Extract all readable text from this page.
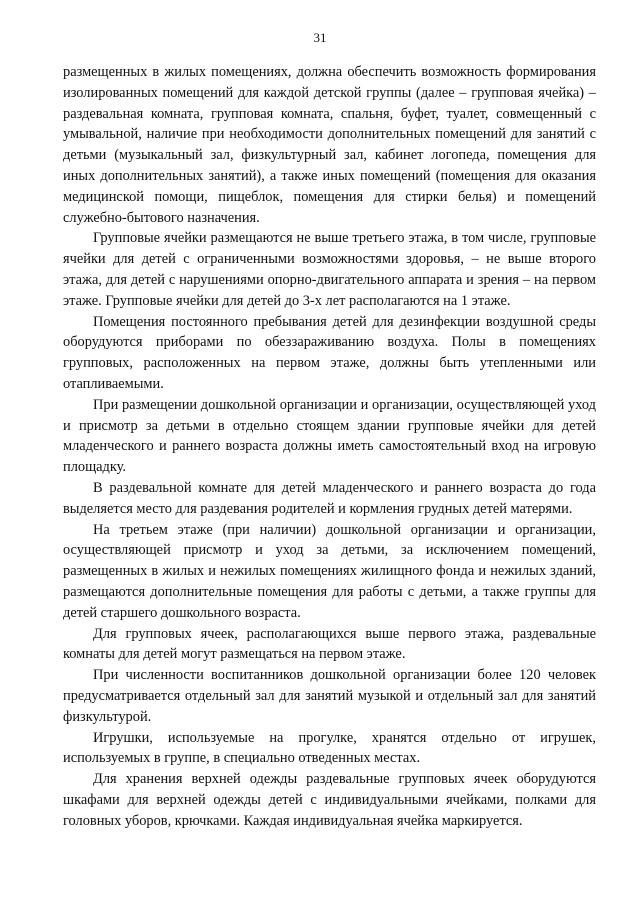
31

размещенных в жилых помещениях, должна обеспечить возможность формирования изолированных помещений для каждой детской группы (далее – групповая ячейка) – раздевальная комната, групповая комната, спальня, буфет, туалет, совмещенный с умывальной, наличие при необходимости дополнительных помещений для занятий с детьми (музыкальный зал, физкультурный зал, кабинет логопеда, помещения для иных дополнительных занятий), а также иных помещений (помещения для оказания медицинской помощи, пищеблок, помещения для стирки белья) и помещений служебно-бытового назначения.

Групповые ячейки размещаются не выше третьего этажа, в том числе, групповые ячейки для детей с ограниченными возможностями здоровья, – не выше второго этажа, для детей с нарушениями опорно-двигательного аппарата и зрения – на первом этаже. Групповые ячейки для детей до 3-х лет располагаются на 1 этаже.

Помещения постоянного пребывания детей для дезинфекции воздушной среды оборудуются приборами по обеззараживанию воздуха. Полы в помещениях групповых, расположенных на первом этаже, должны быть утепленными или отапливаемыми.

При размещении дошкольной организации и организации, осуществляющей уход и присмотр за детьми в отдельно стоящем здании групповые ячейки для детей младенческого и раннего возраста должны иметь самостоятельный вход на игровую площадку.

В раздевальной комнате для детей младенческого и раннего возраста до года выделяется место для раздевания родителей и кормления грудных детей матерями.

На третьем этаже (при наличии) дошкольной организации и организации, осуществляющей присмотр и уход за детьми, за исключением помещений, размещенных в жилых и нежилых помещениях жилищного фонда и нежилых зданий, размещаются дополнительные помещения для работы с детьми, а также группы для детей старшего дошкольного возраста.

Для групповых ячеек, располагающихся выше первого этажа, раздевальные комнаты для детей могут размещаться на первом этаже.

При численности воспитанников дошкольной организации более 120 человек предусматривается отдельный зал для занятий музыкой и отдельный зал для занятий физкультурой.

Игрушки, используемые на прогулке, хранятся отдельно от игрушек, используемых в группе, в специально отведенных местах.

Для хранения верхней одежды раздевальные групповых ячеек оборудуются шкафами для верхней одежды детей с индивидуальными ячейками, полками для головных уборов, крючками. Каждая индивидуальная ячейка маркируется.
